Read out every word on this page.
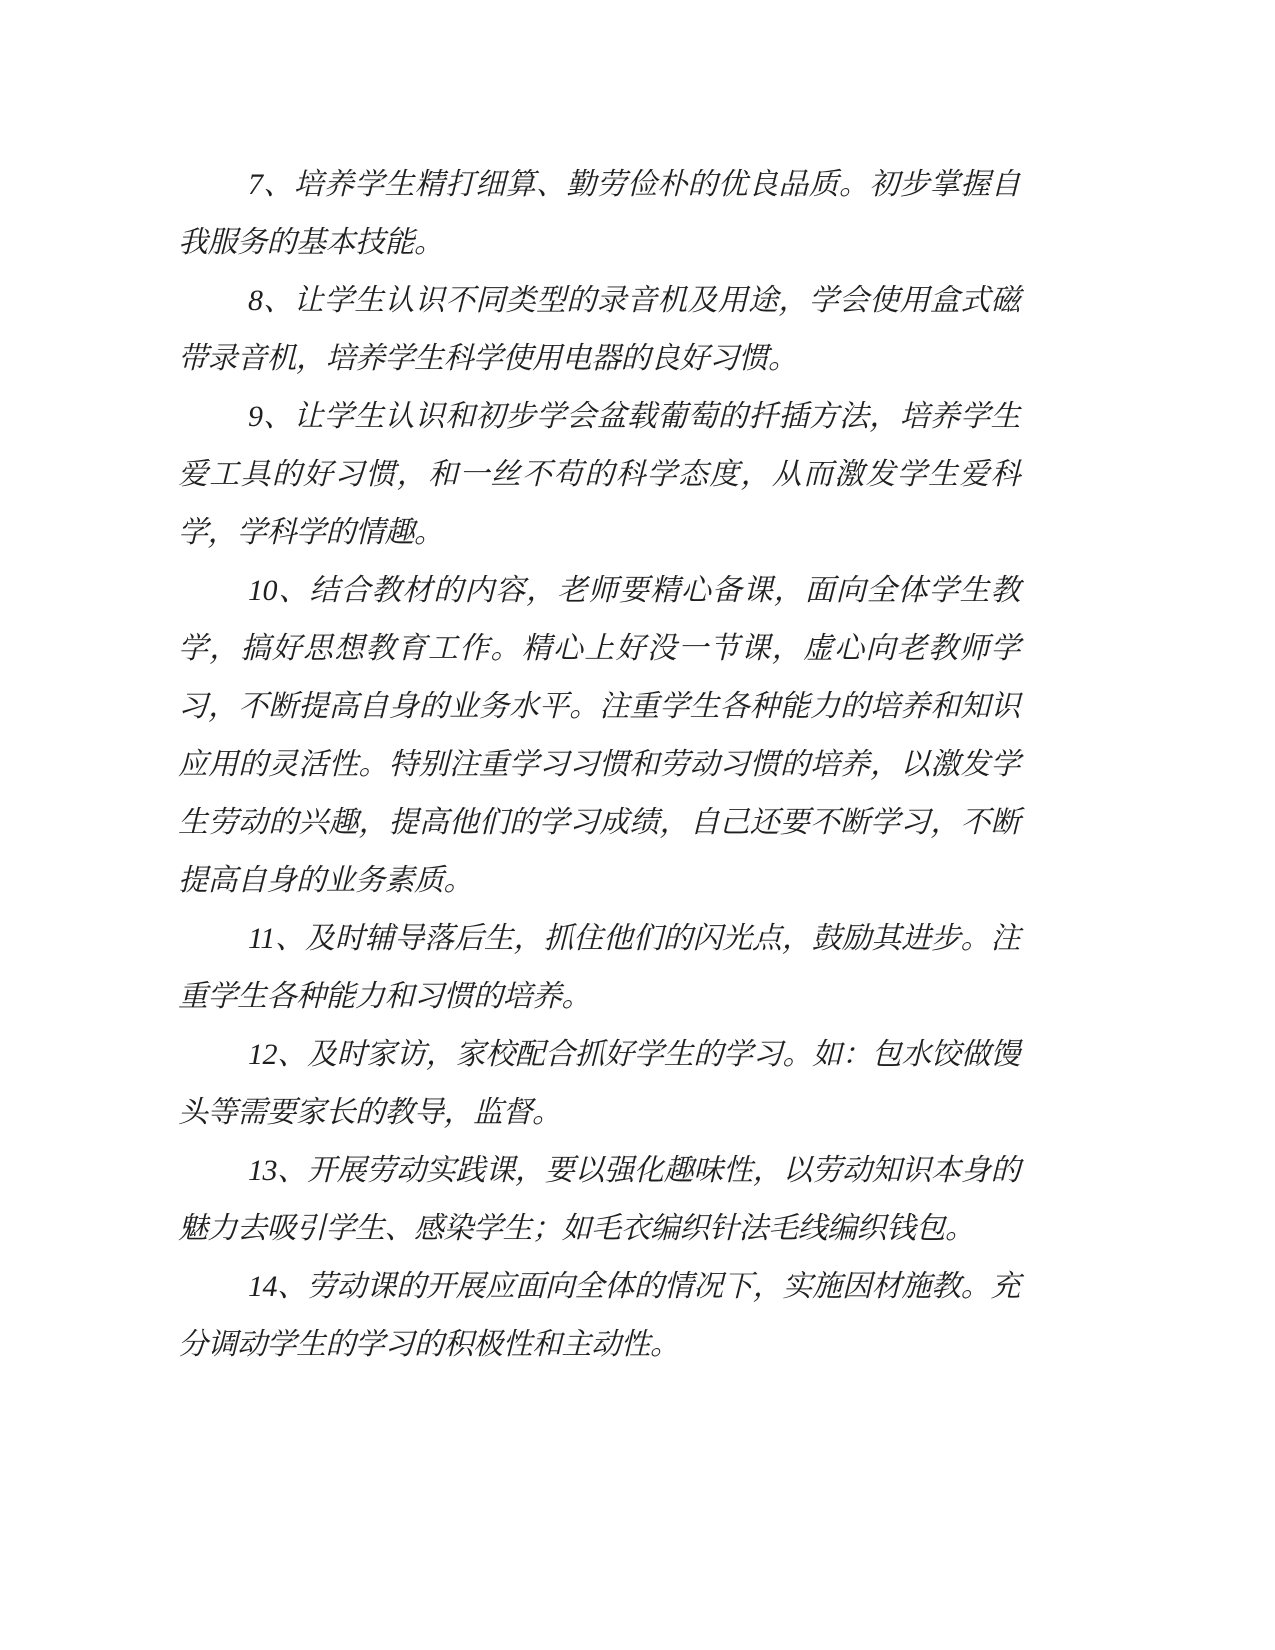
7、培养学生精打细算、勤劳俭朴的优良品质。初步掌握自我服务的基本技能。

8、让学生认识不同类型的录音机及用途，学会使用盒式磁带录音机，培养学生科学使用电器的良好习惯。

9、让学生认识和初步学会盆载葡萄的扦插方法，培养学生爱工具的好习惯，和一丝不苟的科学态度，从而激发学生爱科学，学科学的情趣。

10、结合教材的内容，老师要精心备课，面向全体学生教学，搞好思想教育工作。精心上好没一节课，虚心向老教师学习，不断提高自身的业务水平。注重学生各种能力的培养和知识应用的灵活性。特别注重学习习惯和劳动习惯的培养，以激发学生劳动的兴趣，提高他们的学习成绩，自己还要不断学习，不断提高自身的业务素质。

11、及时辅导落后生，抓住他们的闪光点，鼓励其进步。注重学生各种能力和习惯的培养。

12、及时家访，家校配合抓好学生的学习。如：包水饺做馒头等需要家长的教导，监督。

13、开展劳动实践课，要以强化趣味性，以劳动知识本身的魅力去吸引学生、感染学生；如毛衣编织针法毛线编织钱包。

14、劳动课的开展应面向全体的情况下，实施因材施教。充分调动学生的学习的积极性和主动性。
